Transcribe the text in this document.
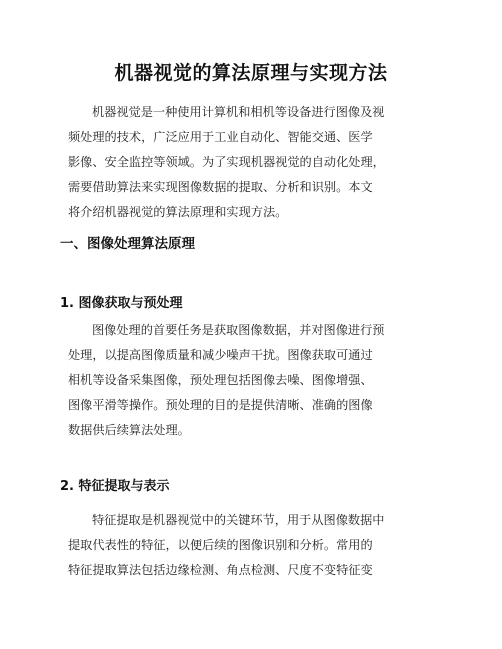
机器视觉的算法原理与实现方法
机器视觉是一种使用计算机和相机等设备进行图像及视
频处理的技术，广泛应用于工业自动化、智能交通、医学
影像、安全监控等领域。为了实现机器视觉的自动化处理，
需要借助算法来实现图像数据的提取、分析和识别。本文
将介绍机器视觉的算法原理和实现方法。
一、图像处理算法原理
1. 图像获取与预处理
图像处理的首要任务是获取图像数据，并对图像进行预
处理，以提高图像质量和减少噪声干扰。图像获取可通过
相机等设备采集图像，预处理包括图像去噪、图像增强、
图像平滑等操作。预处理的目的是提供清晰、准确的图像
数据供后续算法处理。
2. 特征提取与表示
特征提取是机器视觉中的关键环节，用于从图像数据中
提取代表性的特征，以便后续的图像识别和分析。常用的
特征提取算法包括边缘检测、角点检测、尺度不变特征变
